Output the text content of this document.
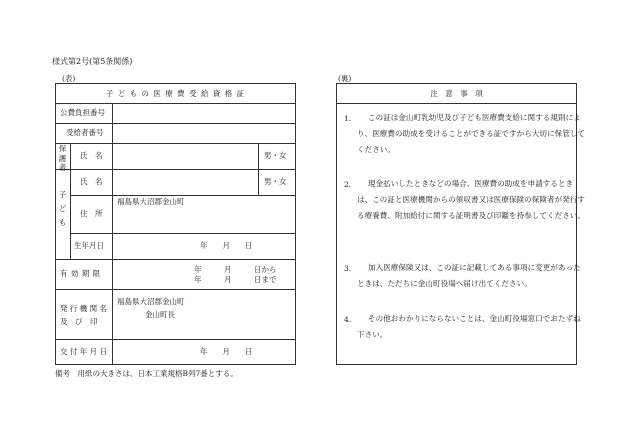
様式第2号(第5条関係)
(表)	(裏)
子 ど も の 医 療 費 受 給 資 格 証
公費負担番号
受給者番号
保護者
氏　名	男・女
子ども
氏　名	男・女
住　所
福島県大沼郡金山町
生年月日	年　　月　　日
有 効 期 限	年　　　月　　　日から
年　　　月　　　日まで
発 行 機 関 名
及　び　印
福島県大沼郡金山町
金山町長
交 付 年 月 日	年　　月　　日
備考　用紙の大きさは、日本工業規格B列7番とする。
注　意　事　項
1.	この証は金山町乳幼児及び子ども医療費支給に関する規則により、医療費の助成を受けることができる証ですから大切に保管してください。
2.	現金払いしたときなどの場合、医療費の助成を申請するときは、この証と医療機関からの領収書又は医療保険の保険者が発行する療養費、附加給付に関する証明書及び印鑑を持参してください。
3.	加入医療保険又は、この証に記載してある事項に変更があったときは、ただちに金山町役場へ届け出てください。
4.	その他おわかりにならないことは、金山町役場窓口でおたずね下さい。
